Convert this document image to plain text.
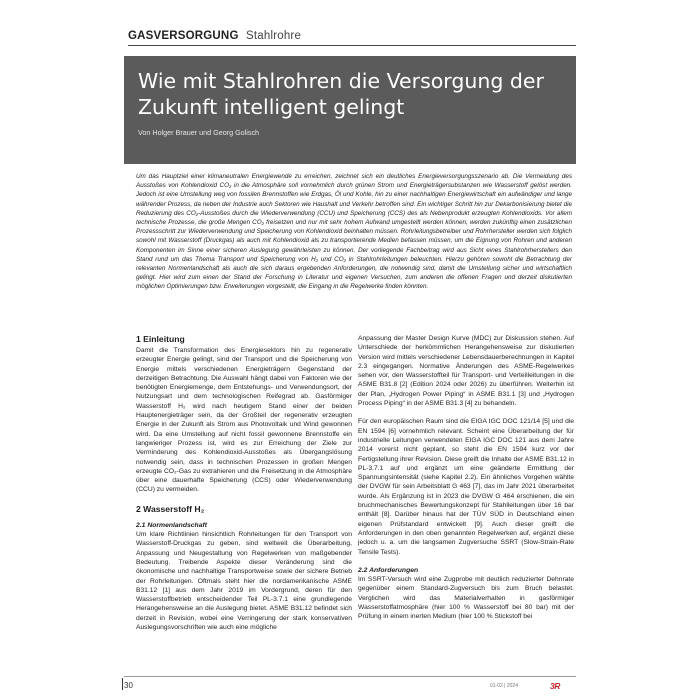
GASVERSORGUNG Stahlrohre
Wie mit Stahlrohren die Versorgung der Zukunft intelligent gelingt
Von Holger Brauer und Georg Golisch
Um das Hauptziel einer klimaneutralen Energiewende zu erreichen, zeichnet sich ein deutliches Energieversorgungsszenario ab. Die Vermeidung des Ausstoßes von Kohlendioxid CO₂ in die Atmosphäre soll vornehmlich durch grünen Strom und Energieträgersubstanzen wie Wasserstoff gelöst werden. Jedoch ist eine Umstellung weg von fossilen Brennstoffen wie Erdgas, Öl und Kohle, hin zu einer nachhaltigen Energiewirtschaft ein aufwändiger und lange währender Prozess, da neben der Industrie auch Sektoren wie Haushalt und Verkehr betroffen sind. Ein wichtiger Schritt hin zur Dekarbonisierung bietet die Reduzierung des CO₂-Ausstoßes durch die Wiederverwendung (CCU) und Speicherung (CCS) des als Nebenprodukt erzeugten Kohlendioxids. Vor allem technische Prozesse, die große Mengen CO₂ freisetzen und nur mit sehr hohem Aufwand umgestellt werden können, werden zukünftig einen zusätzlichen Prozessschritt zur Wiederverwendung und Speicherung von Kohlendioxid beinhalten müssen. Rohrleitungsbetreiber und Rohrhersteller werden sich folglich sowohl mit Wasserstoff (Druckgas) als auch mit Kohlendioxid als zu transportierende Medien befassen müssen, um die Eignung von Rohren und anderen Komponenten im Sinne einer sicheren Auslegung gewährleisten zu können. Der vorliegende Fachbeitrag wird aus Sicht eines Stahlrohrherstellers den Stand rund um das Thema Transport und Speicherung von H₂ und CO₂ in Stahlrohrleitungen beleuchten. Hierzu gehören sowohl die Betrachtung der relevanten Normenlandschaft als auch die sich daraus ergebenden Anforderungen, die notwendig sind, damit die Umstellung sicher und wirtschaftlich gelingt. Hier wird zum einen der Stand der Forschung in Literatur und eigenen Versuchen, zum anderen die offenen Fragen und derzeit diskutierten möglichen Optimierungen bzw. Erweiterungen vorgestellt, die Eingang in die Regelwerke finden könnten.
1 Einleitung

Damit die Transformation des Energiesektors hin zu regenerativ erzeugter Energie gelingt, sind der Transport und die Speicherung von Energie mittels verschiedenen Energieträgern Gegenstand der derzeitigen Betrachtung. Die Auswahl hängt dabei von Faktoren wie der benötigten Energiemenge, dem Entstehungs- und Verwendungsort, der Nutzungsart und dem technologischen Reifegrad ab. Gasförmiger Wasserstoff H₂ wird nach heutigem Stand einer der beiden Hauptenergieträger sein, da der Großteil der regenerativ erzeugten Energie in der Zukunft als Strom aus Photovoltaik und Wind gewonnen wird. Da eine Umstellung auf nicht fossil gewonnene Brennstoffe ein langwieriger Prozess ist, wird es zur Erreichung der Ziele zur Verminderung des Kohlendioxid-Ausstoßes als Übergangslösung notwendig sein, dass in technischen Prozessen in großen Mengen erzeugte CO₂-Gas zu extrahieren und die Freisetzung in die Atmosphäre über eine dauerhafte Speicherung (CCS) oder Wiederverwendung (CCU) zu vermeiden.

2 Wasserstoff H₂
2.1 Normenlandschaft

Um klare Richtlinien hinsichtlich Rohrleitungen für den Transport von Wasserstoff-Druckgas zu geben, sind weltweit die Überarbeitung, Anpassung und Neugestaltung von Regelwerken von maßgebender Bedeutung. Treibende Aspekte dieser Veränderung sind die ökonomische und nachhaltige Transportweise sowie der sichere Betrieb der Rohrleitungen. Oftmals steht hier die nordamerikanische ASME B31.12 [1] aus dem Jahr 2019 im Vordergrund, deren für den Wasserstoffbetrieb entscheidender Teil PL-3.7.1 eine grundlegende Herangehensweise an die Auslegung bietet. ASME B31.12 befindet sich derzeit in Revision, wobei eine Verringerung der stark konservativen Auslegungsvorschriften wie auch eine mögliche

Anpassung der Master Design Kurve (MDC) zur Diskussion stehen. Auf Unterschiede der herkömmlichen Herangehensweise zur diskutierten Version wird mittels verschiedener Lebensdauerberechnungen in Kapitel 2.3 eingegangen. Normative Änderungen des ASME-Regelwerkes sehen vor, den Wasserstoffteil für Transport- und Verteilleitungen in die ASME B31.8 [2] (Edition 2024 oder 2026) zu überführen. Weiterhin ist der Plan, „Hydrogen Power Piping“ in ASME B31.1 [3] und „Hydrogen Process Piping“ in der ASME B31.3 [4] zu behandeln.

Für den europäischen Raum sind die EIGA IGC DOC 121/14 [5] und die EN 1594 [6] vornehmlich relevant. Scheint eine Überarbeitung der für industrielle Leitungen verwendeten EIGA IGC DOC 121 aus dem Jahre 2014 vorerst nicht geplant, so steht die EN 1594 kurz vor der Fertigstellung ihrer Revision. Diese greift die Inhalte der ASME B31.12 in PL-3.7.1 auf und ergänzt um eine geänderte Ermittlung der Spannungsintensität (siehe Kapitel 2.2). Ein ähnliches Vorgehen wählte der DVGW für sein Arbeitsblatt G 463 [7], das im Jahr 2021 überarbeitet wurde. Als Ergänzung ist in 2023 die DVGW G 464 erschienen, die ein bruchmechanisches Bewertungskonzept für Stahlleitungen über 16 bar enthält [8]. Darüber hinaus hat der TÜV SÜD in Deutschland einen eigenen Prüfstandard entwickelt [9]. Auch dieser greift die Anforderungen in den oben genannten Regelwerken auf, ergänzt diese jedoch u. a. um die langsamen Zugversuche SSRT (Slow-Strain-Rate Tensile Tests).

2.2 Anforderungen

Im SSRT-Versuch wird eine Zugprobe mit deutlich reduzierter Dehnrate gegenüber einem Standard-Zugversuch bis zum Bruch belastet. Verglichen wird das Materialverhalten in gasförmiger Wasserstoffatmosphäre (hier 100 % Wasserstoff bei 80 bar) mit der Prüfung in einem inerten Medium (hier 100 % Stickstoff bei

30	01-02 | 2024	3R
